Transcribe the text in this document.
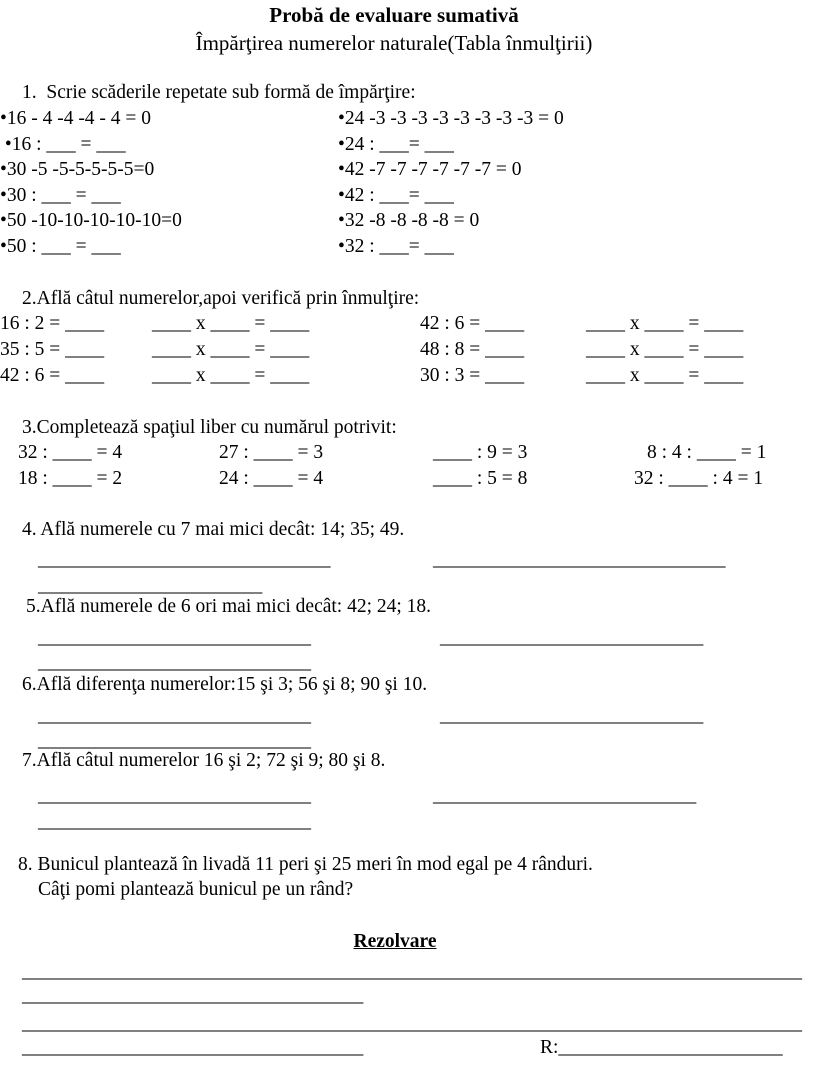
Probă de evaluare sumativă
Împărţirea numerelor naturale(Tabla înmulţirii)
1.  Scrie scăderile repetate sub formă de împărţire:
•16 - 4 -4 -4 - 4 = 0
•16 : ___ = ___
•30 -5 -5-5-5-5-5=0
•30 : ___ = ___
•50 -10-10-10-10-10=0
•50 : ___ = ___
•24 -3 -3 -3 -3 -3 -3 -3 -3 = 0
•24 : ___= ___
•42 -7 -7 -7 -7 -7 -7 = 0
•42 : ___= ___
•32 -8 -8 -8 -8 = 0
•32 : ___= ___
2.Află câtul numerelor,apoi verifică prin înmulţire:
16 : 2 = ____ ____ x ____ = ____	42 : 6 = ____	____ x ____ = ____
35 : 5 = ____ ____ x ____ = ____	48 : 8 = ____	____ x ____ = ____
42 : 6 = ____ ____ x ____ = ____	30 : 3 = ____	____ x ____ = ____
3.Completează spaţiul liber cu numărul potrivit:
32 : ____ = 4	27 : ____ = 3	____ : 9 = 3	8 : 4 : ____ = 1
18 : ____ = 2	24 : ____ = 4	____ : 5 = 8	32 : ____ : 4 = 1
4. Află numerele cu 7 mai mici decât: 14; 35; 49.
______________________________	______________________________
_______________________
5.Află numerele de 6 ori mai mici decât: 42; 24; 18.
____________________________	___________________________
____________________________
6.Află diferenţa numerelor:15 şi 3; 56 şi 8; 90 şi 10.
____________________________	___________________________
____________________________
7.Află câtul numerelor 16 şi 2; 72 şi 9; 80 şi 8.
____________________________	___________________________
____________________________
8. Bunicul plantează în livadă 11 peri şi 25 meri în mod egal pe 4 rânduri.
Câţi pomi plantează bunicul pe un rând?
Rezolvare
________________________________________________________________________________
___________________________________
________________________________________________________________________________
___________________________________	R:_______________________
